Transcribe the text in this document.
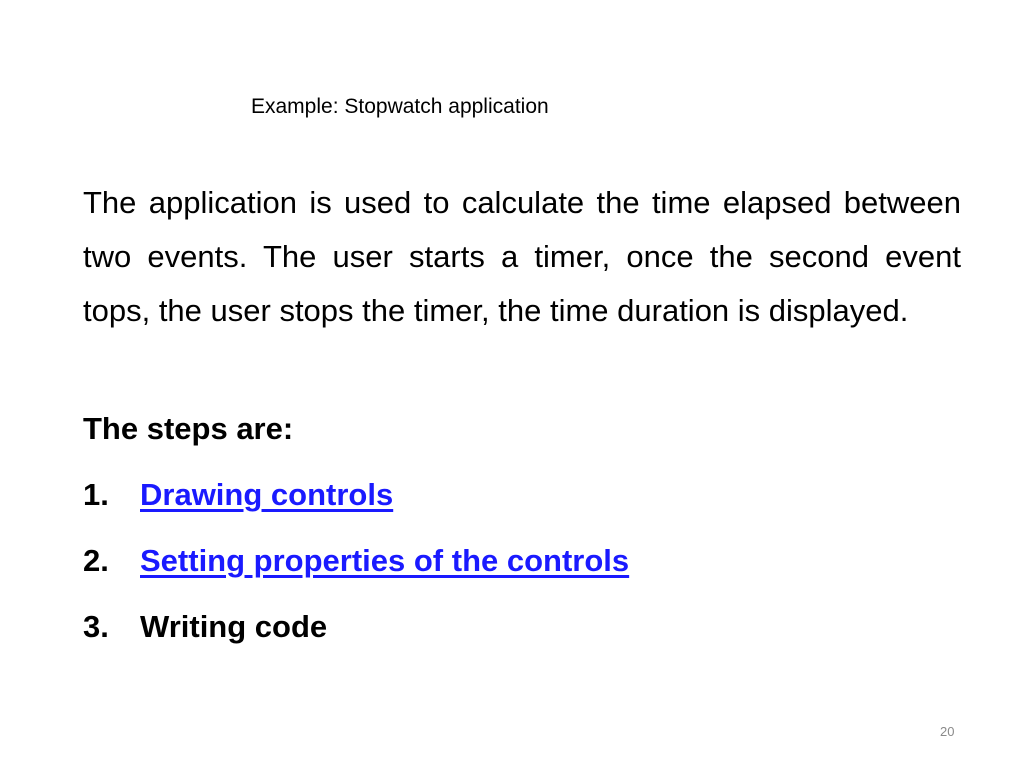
Example: Stopwatch application

The application is used to calculate the time elapsed between two events. The user starts a timer, once the second event tops, the user stops the timer, the time duration is displayed.

The steps are:
1. Drawing controls
2. Setting properties of the controls
3. Writing code
20
